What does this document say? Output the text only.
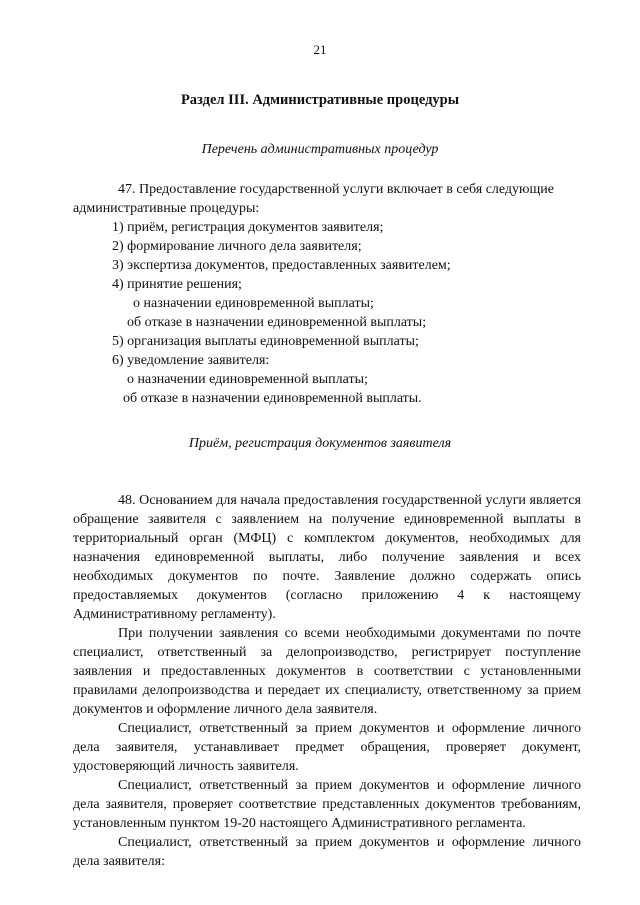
21
Раздел III. Административные процедуры
Перечень административных процедур
47. Предоставление государственной услуги включает в себя следующие
административные процедуры:
1) приём, регистрация документов заявителя;
2) формирование личного дела заявителя;
3) экспертиза документов, предоставленных заявителем;
4) принятие решения;
о назначении единовременной выплаты;
об отказе в назначении единовременной выплаты;
5) организация выплаты единовременной выплаты;
6) уведомление заявителя:
о назначении единовременной выплаты;
об отказе в назначении единовременной выплаты.
Приём, регистрация документов заявителя

48. Основанием для начала предоставления государственной услуги является обращение заявителя с заявлением на получение единовременной выплаты в территориальный орган (МФЦ) с комплектом документов, необходимых для назначения единовременной выплаты, либо получение заявления и всех необходимых документов по почте. Заявление должно содержать опись предоставляемых документов (согласно приложению 4 к настоящему Административному регламенту).

При получении заявления со всеми необходимыми документами по почте специалист, ответственный за делопроизводство, регистрирует поступление заявления и предоставленных документов в соответствии с установленными правилами делопроизводства и передает их специалисту, ответственному за прием документов и оформление личного дела заявителя.

Специалист, ответственный за прием документов и оформление личного дела заявителя, устанавливает предмет обращения, проверяет документ, удостоверяющий личность заявителя.

Специалист, ответственный за прием документов и оформление личного дела заявителя, проверяет соответствие представленных документов требованиям, установленным пунктом 19-20 настоящего Административного регламента.

Специалист, ответственный за прием документов и оформление личного дела заявителя:
